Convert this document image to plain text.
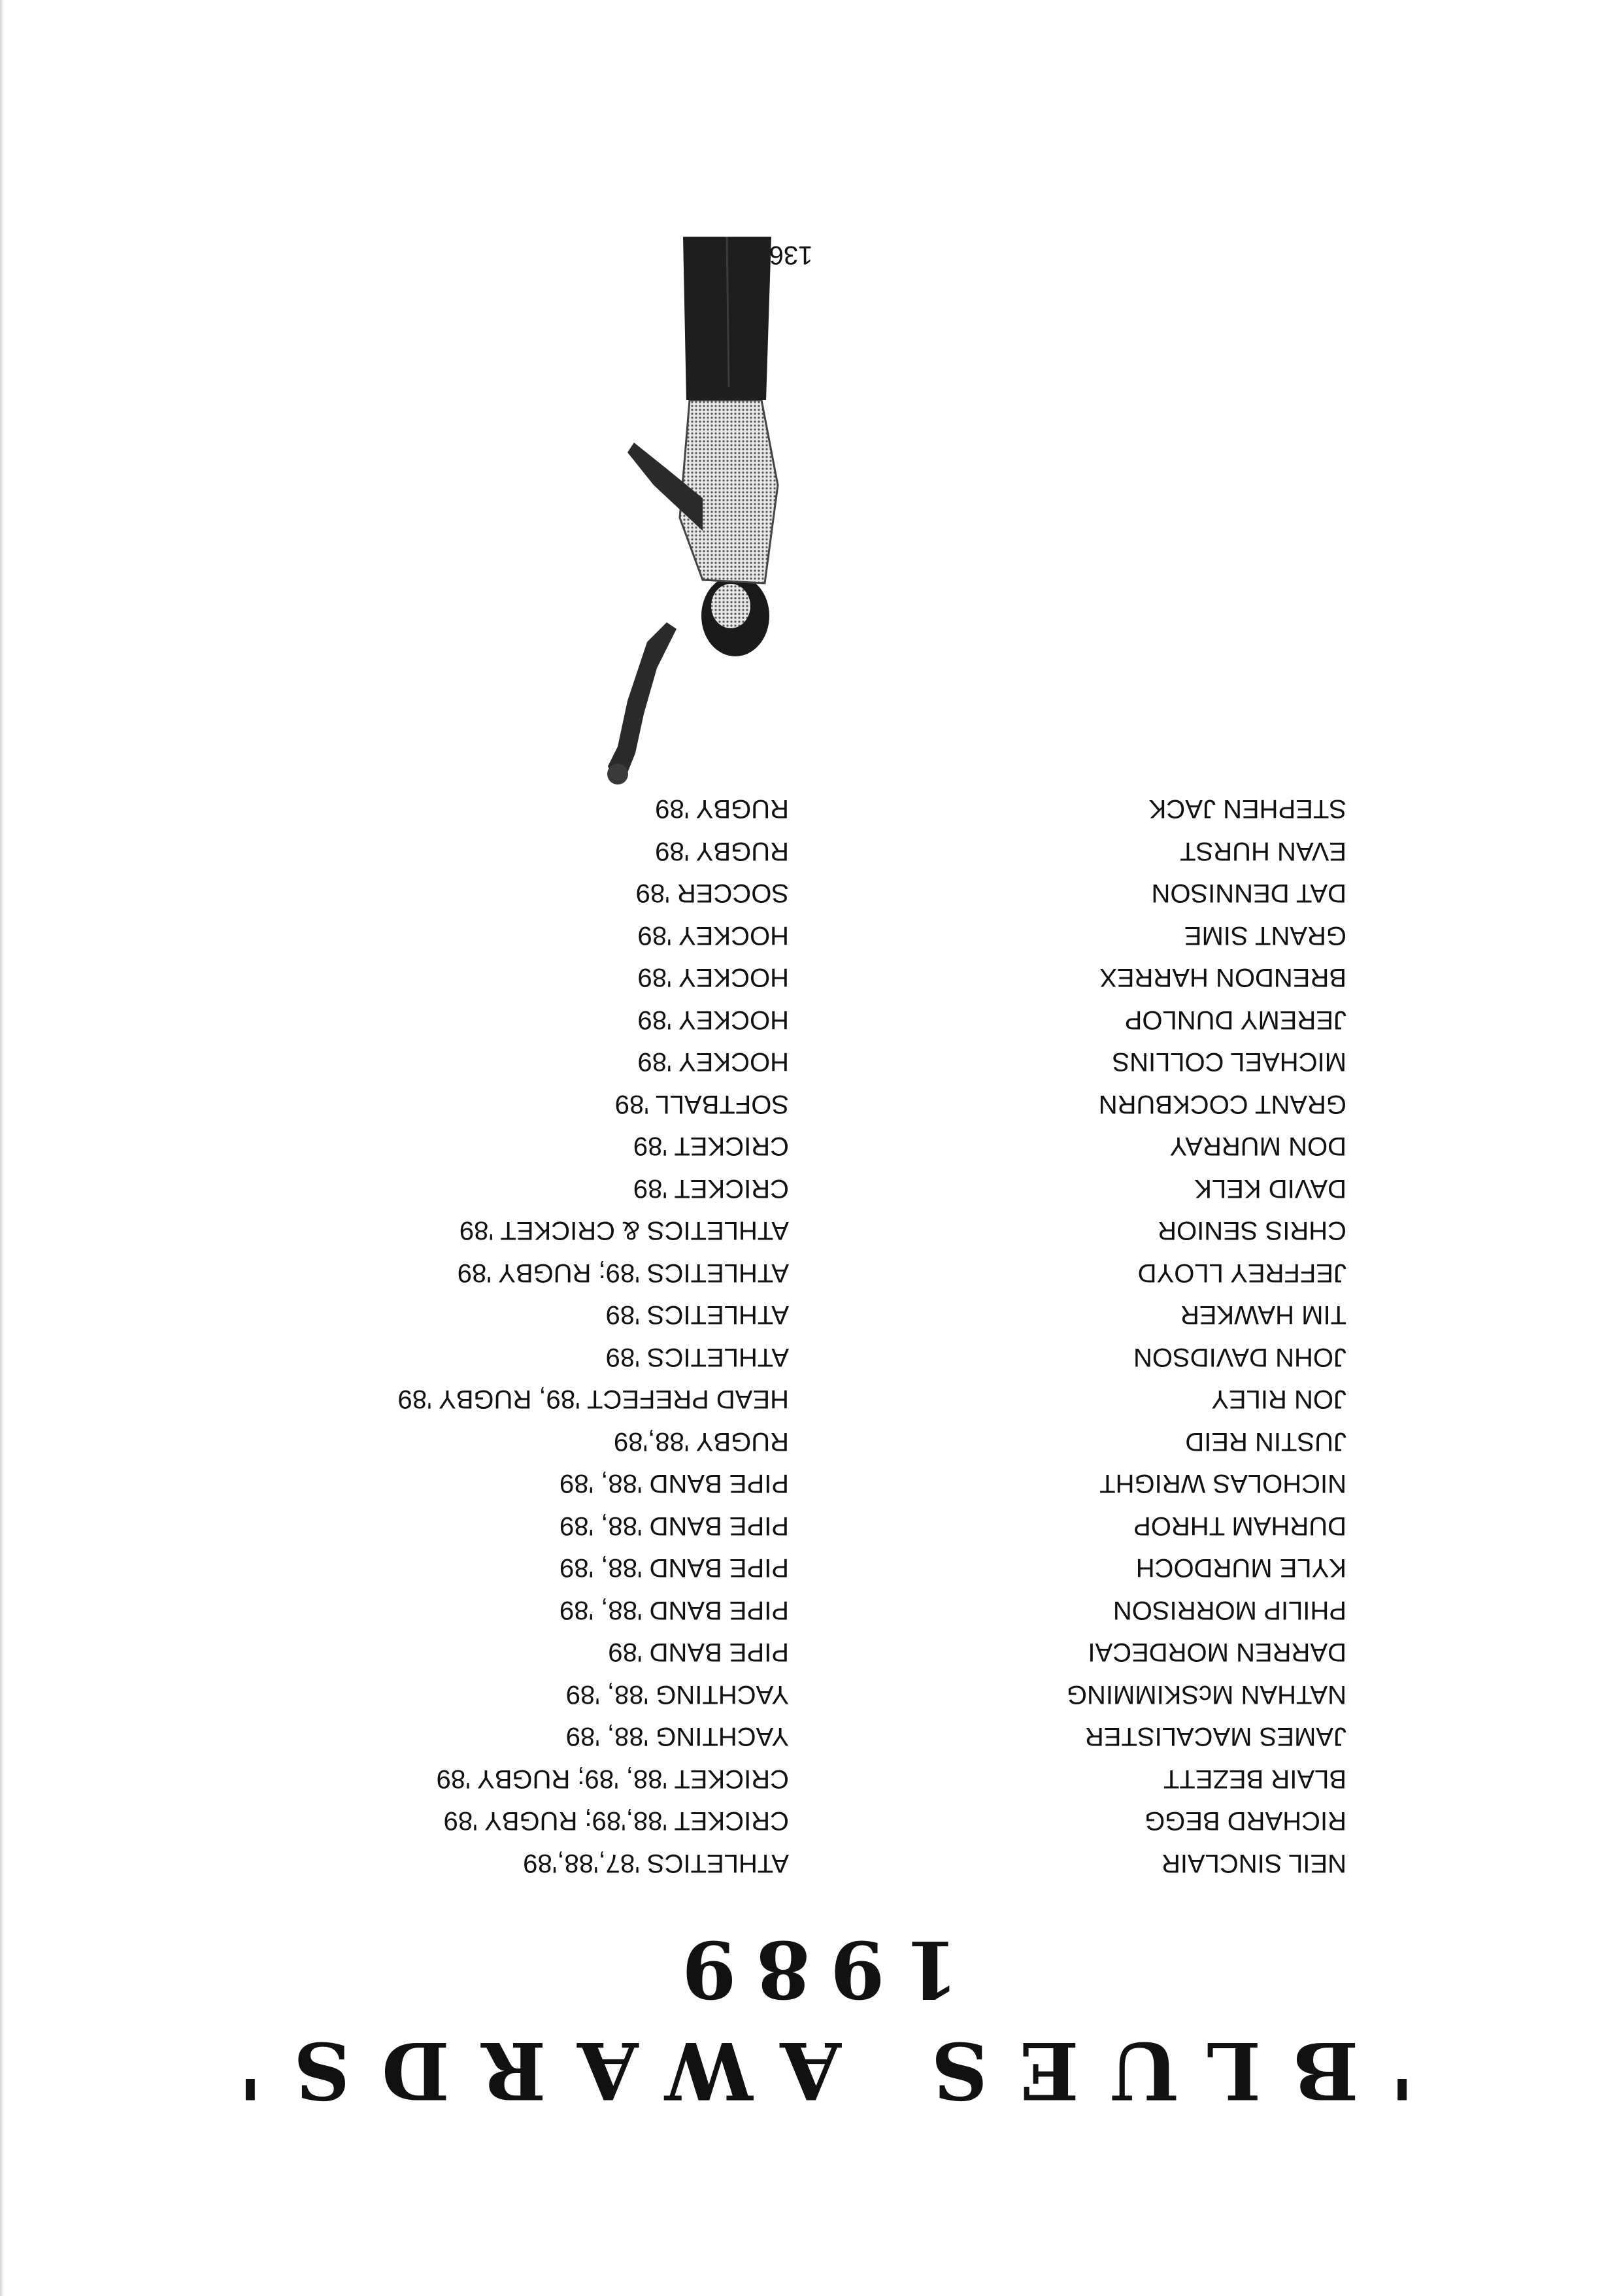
'BLUES AWARDS'
1989
NEIL SINCLAIR
ATHLETICS '87,'88,'89
RICHARD BEGG
CRICKET '88,'89; RUGBY '89
BLAIR BEZETT
CRICKET '88, '89; RUGBY '89
JAMES MACALISTER
YACHTING '88, '89
NATHAN McSKIMMING
YACHTING '88, '89
DARREN MORDECAI
PIPE BAND '89
PHILIP MORRISON
PIPE BAND '88, '89
KYLE MURDOCH
PIPE BAND '88, '89
DURHAM THROP
PIPE BAND '88, '89
NICHOLAS WRIGHT
PIPE BAND '88, '89
JUSTIN REID
RUGBY '88,'89
JON RILEY
HEAD PREFECT '89, RUGBY '89
JOHN DAVIDSON
ATHLETICS '89
TIM HAWKER
ATHLETICS '89
JEFFREY LLOYD
ATHLETICS '89; RUGBY '89
CHRIS SENIOR
ATHLETICS & CRICKET '89
DAVID KELK
CRICKET '89
DON MURRAY
CRICKET '89
GRANT COCKBURN
SOFTBALL '89
MICHAEL COLLINS
HOCKEY '89
JEREMY DUNLOP
HOCKEY '89
BRENDON HARREX
HOCKEY '89
GRANT SIME
HOCKEY '89
DAT DENNISON
SOCCER '89
EVAN HURST
RUGBY '89
STEPHEN JACK
RUGBY '89
136
